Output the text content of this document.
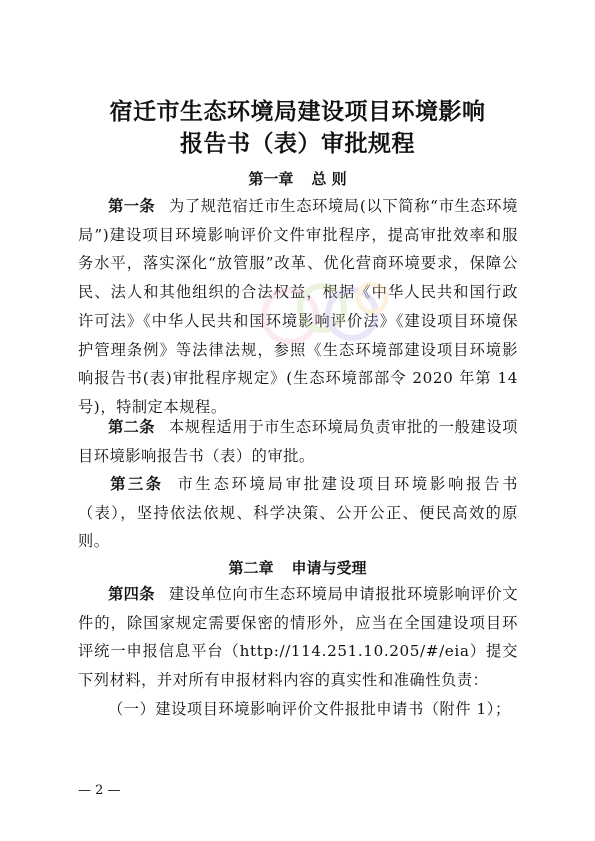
宿迁市生态环境局建设项目环境影响
报告书（表）审批规程
第一章 总 则
第一条 为了规范宿迁市生态环境局(以下简称“市生态环境局”)建设项目环境影响评价文件审批程序，提高审批效率和服务水平，落实深化“放管服”改革、优化营商环境要求，保障公民、法人和其他组织的合法权益，根据《中华人民共和国行政许可法》《中华人民共和国环境影响评价法》《建设项目环境保护管理条例》等法律法规，参照《生态环境部建设项目环境影响报告书(表)审批程序规定》(生态环境部部令 2020 年第 14 号)，特制定本规程。
第二条 本规程适用于市生态环境局负责审批的一般建设项目环境影响报告书（表）的审批。
第三条 市生态环境局审批建设项目环境影响报告书（表），坚持依法依规、科学决策、公开公正、便民高效的原则。
第二章 申请与受理
第四条 建设单位向市生态环境局申请报批环境影响评价文件的，除国家规定需要保密的情形外，应当在全国建设项目环评统一申报信息平台（http://114.251.10.205/#/eia）提交下列材料，并对所有申报材料内容的真实性和准确性负责：
（一）建设项目环境影响评价文件报批申请书（附件 1）；
— 2 —
